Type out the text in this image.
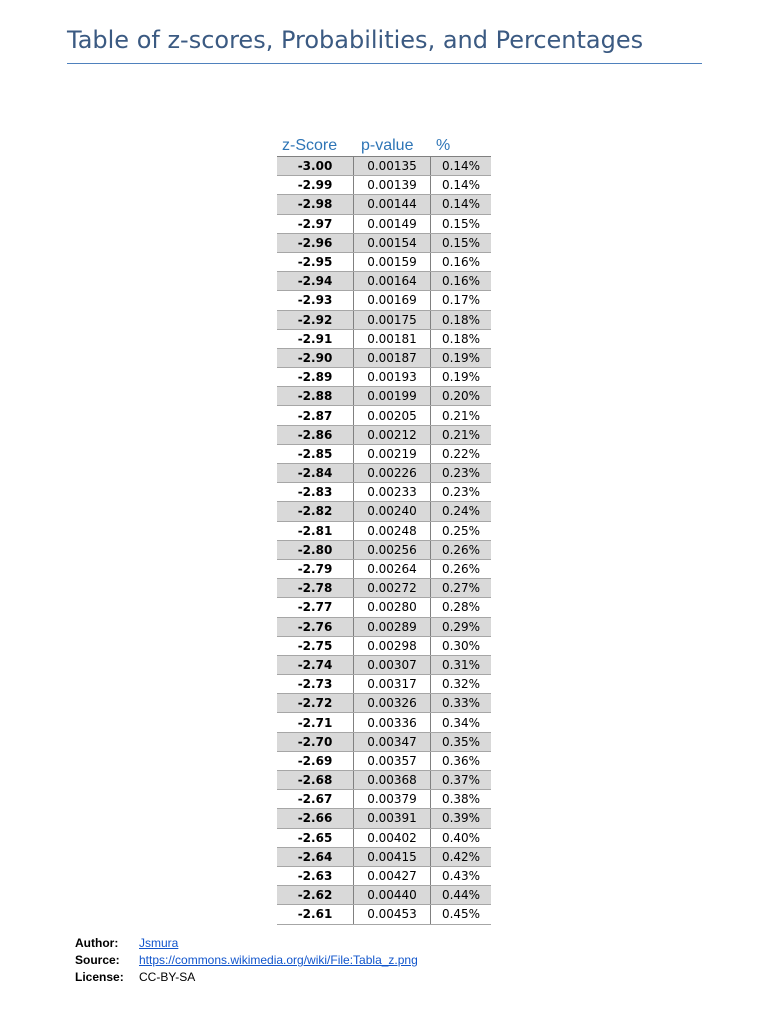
Table of z-scores, Probabilities, and Percentages
z-Score	p-value	%
-3.00	0.00135	0.14%
-2.99	0.00139	0.14%
-2.98	0.00144	0.14%
-2.97	0.00149	0.15%
-2.96	0.00154	0.15%
-2.95	0.00159	0.16%
-2.94	0.00164	0.16%
-2.93	0.00169	0.17%
-2.92	0.00175	0.18%
-2.91	0.00181	0.18%
-2.90	0.00187	0.19%
-2.89	0.00193	0.19%
-2.88	0.00199	0.20%
-2.87	0.00205	0.21%
-2.86	0.00212	0.21%
-2.85	0.00219	0.22%
-2.84	0.00226	0.23%
-2.83	0.00233	0.23%
-2.82	0.00240	0.24%
-2.81	0.00248	0.25%
-2.80	0.00256	0.26%
-2.79	0.00264	0.26%
-2.78	0.00272	0.27%
-2.77	0.00280	0.28%
-2.76	0.00289	0.29%
-2.75	0.00298	0.30%
-2.74	0.00307	0.31%
-2.73	0.00317	0.32%
-2.72	0.00326	0.33%
-2.71	0.00336	0.34%
-2.70	0.00347	0.35%
-2.69	0.00357	0.36%
-2.68	0.00368	0.37%
-2.67	0.00379	0.38%
-2.66	0.00391	0.39%
-2.65	0.00402	0.40%
-2.64	0.00415	0.42%
-2.63	0.00427	0.43%
-2.62	0.00440	0.44%
-2.61	0.00453	0.45%
Author:	Jsmura
Source:	https://commons.wikimedia.org/wiki/File:Tabla_z.png
License:	CC-BY-SA
